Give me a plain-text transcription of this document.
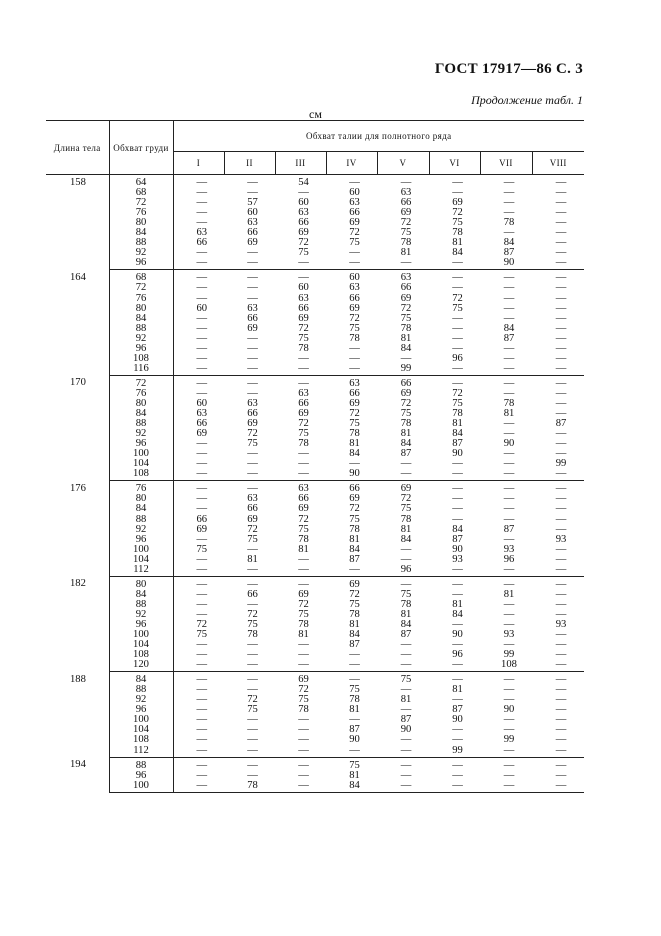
ГОСТ 17917—86 С. 3
Продолжение табл. 1
см
Длина тела	Обхват груди	Обхват талии для полнотного ряда							
		I	II	III	IV	V	VI	VII	VIII
158	64	—	—	54	—	—	—	—	—
	68	—	—	—	60	63	—	—	—
	72	—	57	60	63	66	69	—	—
	76	—	60	63	66	69	72	—	—
	80	—	63	66	69	72	75	78	—
	84	63	66	69	72	75	78	—	—
	88	66	69	72	75	78	81	84	—
	92	—	—	75	—	81	84	87	—
	96	—	—	—	—	—	—	90	—
164	68	—	—	—	60	63	—	—	—
	72	—	—	60	63	66	—	—	—
	76	—	—	63	66	69	72	—	—
	80	60	63	66	69	72	75	—	—
	84	—	66	69	72	75	—	—	—
	88	—	69	72	75	78	—	84	—
	92	—	—	75	78	81	—	87	—
	96	—	—	78	—	84	—	—	—
	108	—	—	—	—	—	96	—	—
	116	—	—	—	—	99	—	—	—
170	72	—	—	—	63	66	—	—	—
	76	—	—	63	66	69	72	—	—
	80	60	63	66	69	72	75	78	—
	84	63	66	69	72	75	78	81	—
	88	66	69	72	75	78	81	—	87
	92	69	72	75	78	81	84	—	—
	96	—	75	78	81	84	87	90	—
	100	—	—	—	84	87	90	—	—
	104	—	—	—	—	—	—	—	99
	108	—	—	—	90	—	—	—	—
176	76	—	—	63	66	69	—	—	—
	80	—	63	66	69	72	—	—	—
	84	—	66	69	72	75	—	—	—
	88	66	69	72	75	78	—	—	—
	92	69	72	75	78	81	84	87	—
	96	—	75	78	81	84	87	—	93
	100	75	—	81	84	—	90	93	—
	104	—	81	—	87	—	93	96	—
	112	—	—	—	—	96	—	—	—
182	80	—	—	—	69	—	—	—	—
	84	—	66	69	72	75	—	81	—
	88	—	—	72	75	78	81	—	—
	92	—	72	75	78	81	84	—	—
	96	72	75	78	81	84	—	—	93
	100	75	78	81	84	87	90	93	—
	104	—	—	—	87	—	—	—	—
	108	—	—	—	—	—	96	99	—
	120	—	—	—	—	—	—	108	—
188	84	—	—	69	—	75	—	—	—
	88	—	—	72	75	—	81	—	—
	92	—	72	75	78	81	—	—	—
	96	—	75	78	81	—	87	90	—
	100	—	—	—	—	87	90	—	—
	104	—	—	—	87	90	—	—	—
	108	—	—	—	90	—	—	99	—
	112	—	—	—	—	—	99	—	—
194	88	—	—	—	75	—	—	—	—
	96	—	—	—	81	—	—	—	—
	100	—	78	—	84	—	—	—	—
